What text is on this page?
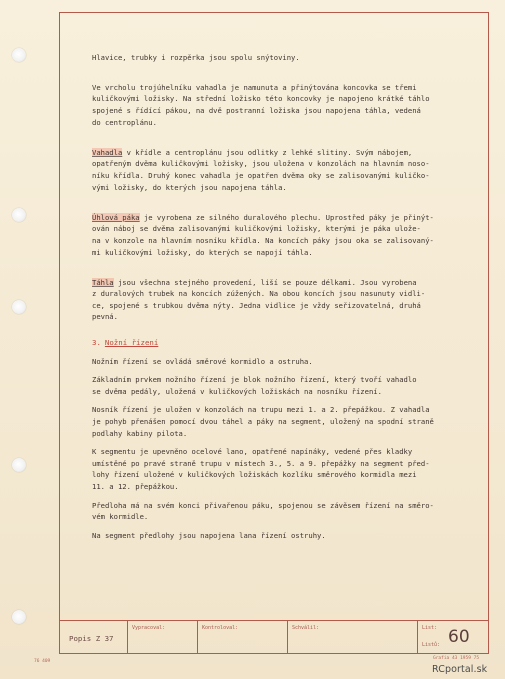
Hlavice, trubky i rozpěrka jsou spolu snýtoviny.

Ve vrcholu trojúhelníku vahadla je namunuta a přinýtována koncovka se třemi
kuličkovými ložisky. Na střední ložisko této koncovky je napojeno krátké táhlo
spojené s řídící pákou, na dvě postranní ložiska jsou napojena táhla, vedená
do centroplánu.

Vahadla v křídle a centroplánu jsou odlitky z lehké slitiny. Svým nábojem,
opatřeným dvěma kuličkovými ložisky, jsou uložena v konzolách na hlavním noso-
níku křídla. Druhý konec vahadla je opatřen dvěma oky se zalisovanými kuličko-
vými ložisky, do kterých jsou napojena táhla.

Úhlová páka je vyrobena ze silného duralového plechu. Uprostřed páky je přinýt-
ován náboj se dvěma zalisovanými kuličkovými ložisky, kterými je páka ulože-
na v konzole na hlavním nosníku křídla. Na koncích páky jsou oka se zalisovaný-
mi kuličkovými ložisky, do kterých se napojí táhla.

Táhla jsou všechna stejného provedení, liší se pouze délkami. Jsou vyrobena
z duralových trubek na koncích zúžených. Na obou koncích jsou nasunuty vidli-
ce, spojené s trubkou dvěma nýty. Jedna vidlice je vždy seřizovatelná, druhá
pevná.

3. Nožní řízení

Nožním řízení se ovládá směrové kormidlo a ostruha.

Základním prvkem nožního řízení je blok nožního řízení, který tvoří vahadlo
se dvěma pedály, uložená v kuličkových ložiskách na nosníku řízení.

Nosník řízení je uložen v konzolách na trupu mezi 1. a 2. přepážkou. Z vahadla
je pohyb přenášen pomocí dvou táhel a páky na segment, uložený na spodní straně
podlahy kabiny pilota.

K segmentu je upevněno ocelové lano, opatřené napínáky, vedené přes kladky
umístěné po pravé straně trupu v místech 3., 5. a 9. přepážky na segment před-
lohy řízení uložené v kuličkových ložiskách kozlíku směrového kormidla mezi
11. a 12. přepážkou.

Předloha má na svém konci přivařenou páku, spojenou se závěsem řízení na směro-
vém kormidle.

Na segment předlohy jsou napojena lana řízení ostruhy.

Popis Z 37
Vypracoval:	Kontroloval:	Schválil:	List: 60
Listů:
76 409
Grafia 43 1959 75
RCportal.sk
